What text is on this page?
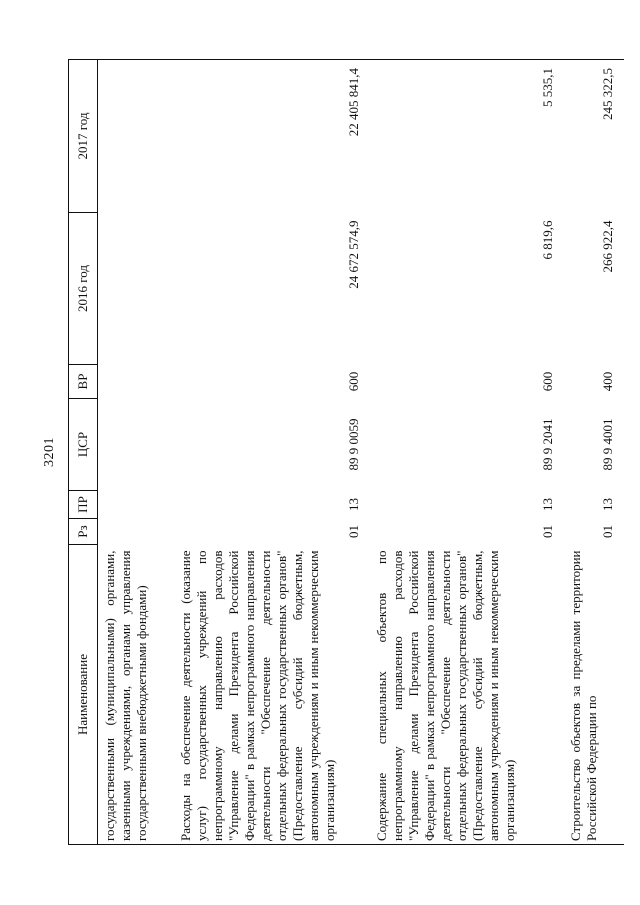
3201
Наименование	Рз	ПР	ЦСР	ВР	2016 год	2017 год
государственными (муниципальными) органами, казенными учреждениями, органами управления государственными внебюджетными фондами)						
Расходы на обеспечение деятельности (оказание услуг) государственных учреждений по непрограммному направлению расходов "Управление делами Президента Российской Федерации" в рамках непрограммного направления деятельности "Обеспечение деятельности отдельных федеральных государственных органов" (Предоставление субсидий бюджетным, автономным учреждениям и иным некоммерческим организациям)	01	13	89 9 0059	600	24 672 574,9	22 405 841,4
Содержание специальных объектов по непрограммному направлению расходов "Управление делами Президента Российской Федерации" в рамках непрограммного направления деятельности "Обеспечение деятельности отдельных федеральных государственных органов" (Предоставление субсидий бюджетным, автономным учреждениям и иным некоммерческим организациям)	01	13	89 9 2041	600	6 819,6	5 535,1
Строительство объектов за пределами территории Российской Федерации по	01	13	89 9 4001	400	266 922,4	245 322,5
